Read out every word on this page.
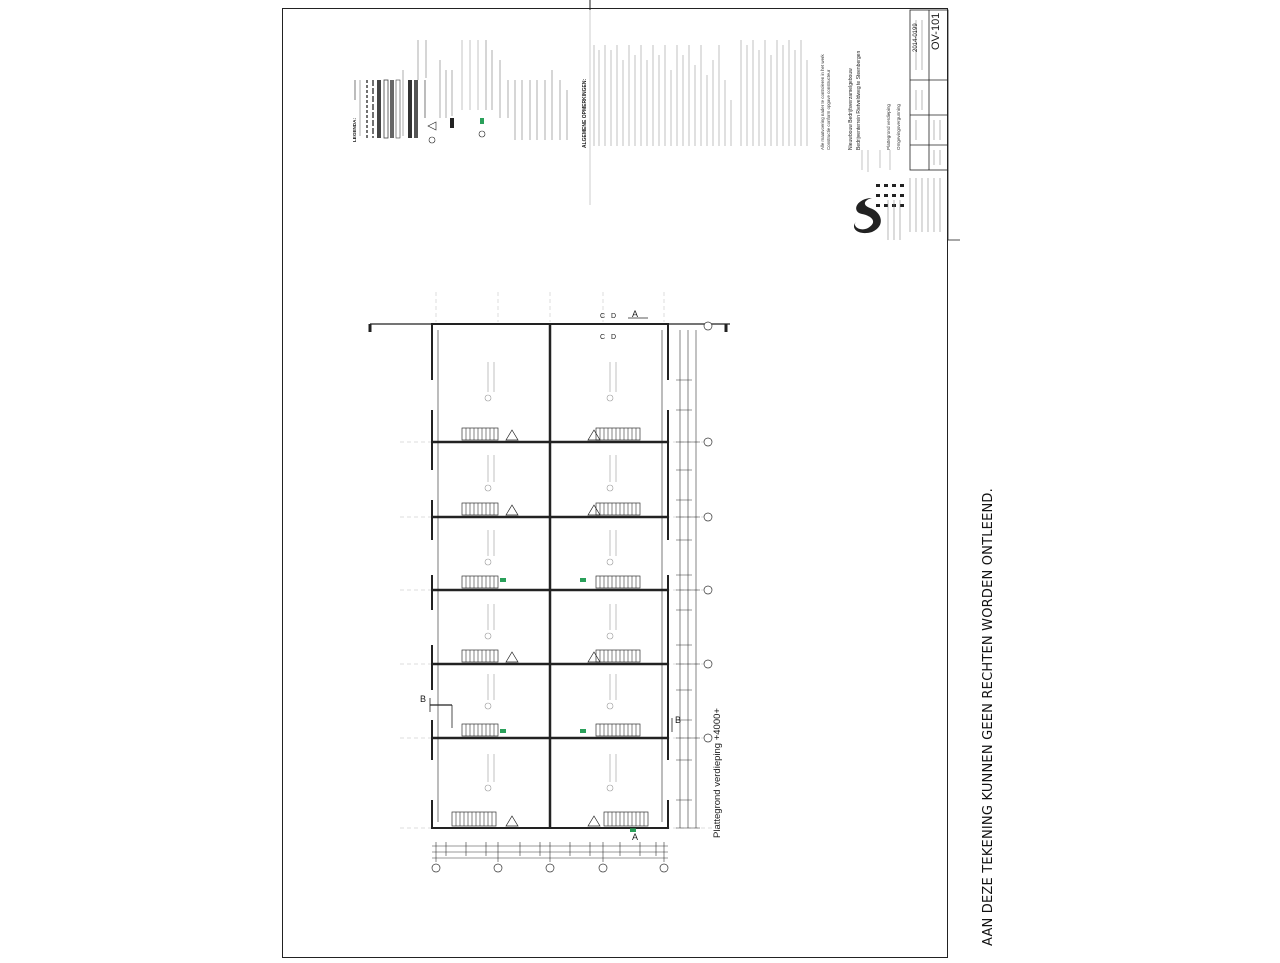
AAN DEZE TEKENING KUNNEN GEEN RECHTEN WORDEN ONTLEEND.
OV-101
2014-0199
Plattegrond verdieping +4000+
Nieuwbouw Bedrijfsverzamelgebouw Bedrijventerrein Rietveldweg te Steenbergen	Plattegrond verdieping Omgevingsvergunning
LEGENDA:	ALGEMENE OPMERKINGEN:	Alle maatvoering nader te controleren in het werk Constructie conform opgave constructeur
A
A
B
B
C D
C D
